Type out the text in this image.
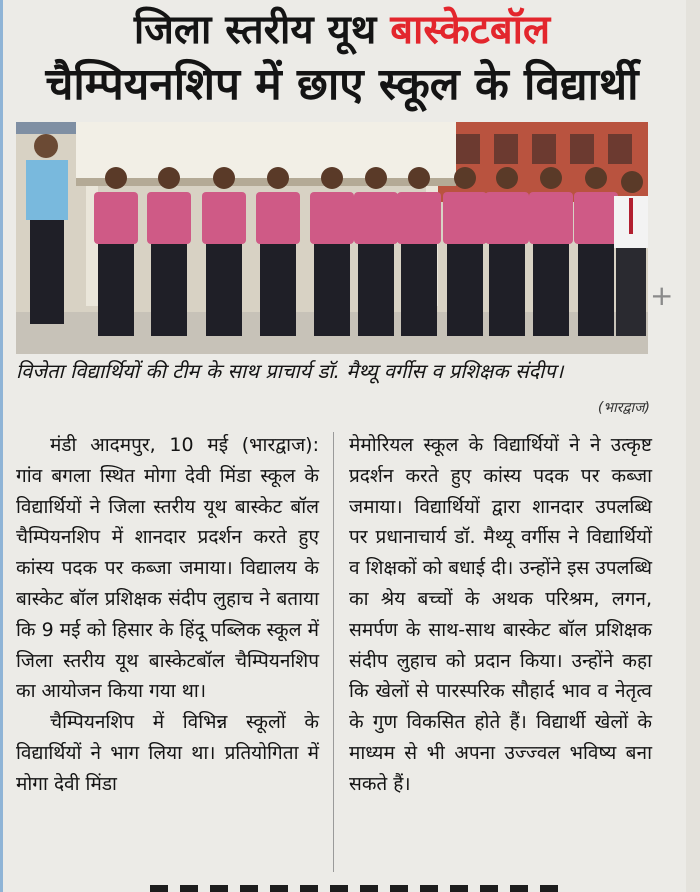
जिला स्तरीय यूथ बास्केटबॉल
चैम्पियनशिप में छाए स्कूल के विद्यार्थी
+
विजेता विद्यार्थियों की टीम के साथ प्राचार्य डॉ. मैथ्यू वर्गीस व प्रशिक्षक संदीप।
(भारद्वाज)

मंडी आदमपुर, 10 मई (भारद्वाज): गांव बगला स्थित मोगा देवी मिंडा स्कूल के विद्यार्थियों ने जिला स्तरीय यूथ बास्केट बॉल चैम्पियनशिप में शानदार प्रदर्शन करते हुए कांस्य पदक पर कब्जा जमाया। विद्यालय के बास्केट बॉल प्रशिक्षक संदीप लुहाच ने बताया कि 9 मई को हिसार के हिंदू पब्लिक स्कूल में जिला स्तरीय यूथ बास्केटबॉल चैम्पियनशिप का आयोजन किया गया था।

चैम्पियनशिप में विभिन्न स्कूलों के विद्यार्थियों ने भाग लिया था। प्रतियोगिता में मोगा देवी मिंडा

मेमोरियल स्कूल के विद्यार्थियों ने ने उत्कृष्ट प्रदर्शन करते हुए कांस्य पदक पर कब्जा जमाया। विद्यार्थियों द्वारा शानदार उपलब्धि पर प्रधानाचार्य डॉ. मैथ्यू वर्गीस ने विद्यार्थियों व शिक्षकों को बधाई दी। उन्होंने इस उपलब्धि का श्रेय बच्चों के अथक परिश्रम, लगन, समर्पण के साथ-साथ बास्केट बॉल प्रशिक्षक संदीप लुहाच को प्रदान किया। उन्होंने कहा कि खेलों से पारस्परिक सौहार्द भाव व नेतृत्व के गुण विकसित होते हैं। विद्यार्थी खेलों के माध्यम से भी अपना उज्ज्वल भविष्य बना सकते हैं।
